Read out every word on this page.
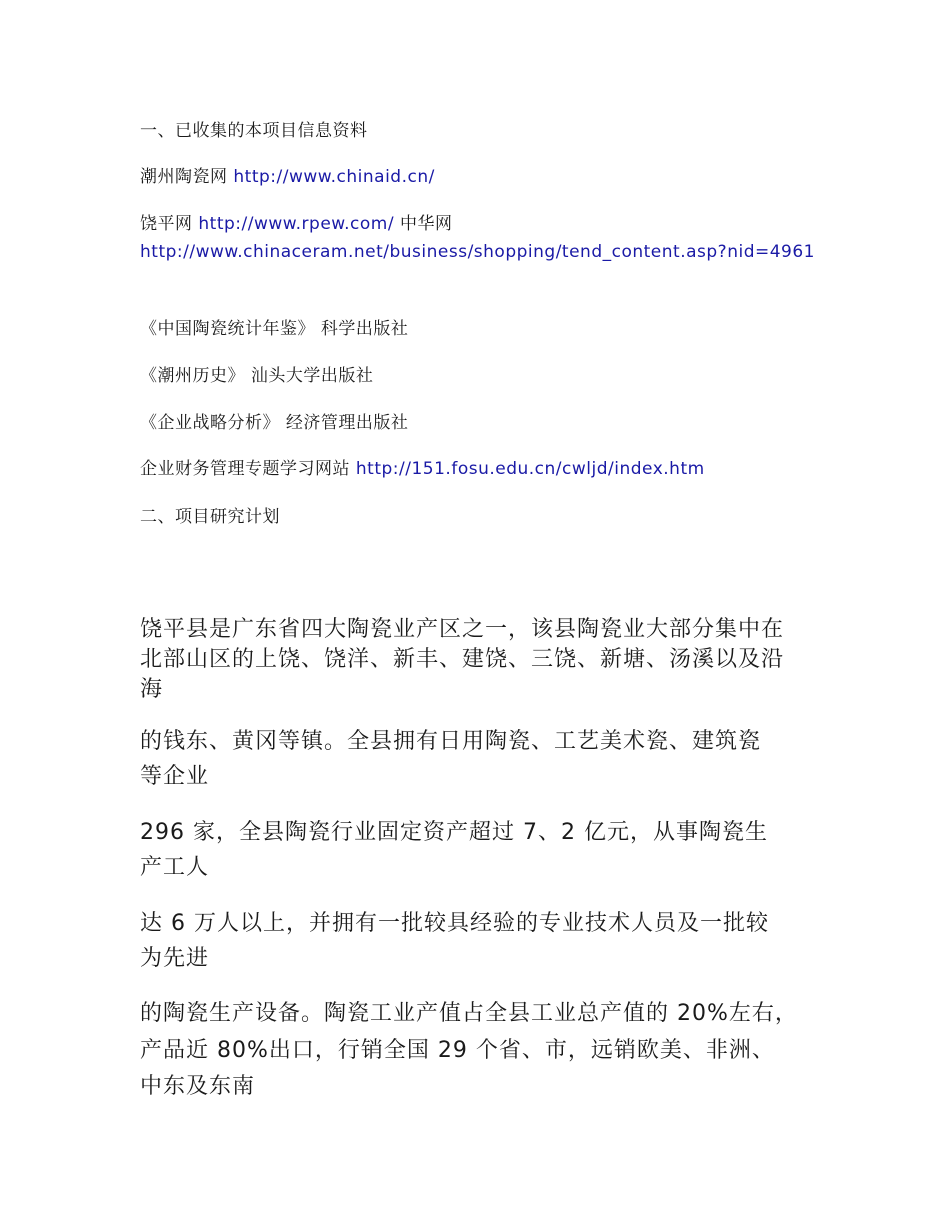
一、已收集的本项目信息资料

潮州陶瓷网 http://www.chinaid.cn/

饶平网 http://www.rpew.com/ 中华网

http://www.chinaceram.net/business/shopping/tend_content.asp?nid=4961

《中国陶瓷统计年鉴》 科学出版社

《潮州历史》 汕头大学出版社

《企业战略分析》 经济管理出版社

企业财务管理专题学习网站 http://151.fosu.edu.cn/cwljd/index.htm

二、项目研究计划

饶平县是广东省四大陶瓷业产区之一，该县陶瓷业大部分集中在

北部山区的上饶、饶洋、新丰、建饶、三饶、新塘、汤溪以及沿

海

的钱东、黄冈等镇。全县拥有日用陶瓷、工艺美术瓷、建筑瓷

等企业

296 家，全县陶瓷行业固定资产超过 7、2 亿元，从事陶瓷生

产工人

达 6 万人以上，并拥有一批较具经验的专业技术人员及一批较

为先进

的陶瓷生产设备。陶瓷工业产值占全县工业总产值的 20%左右，

产品近 80%出口，行销全国 29 个省、市，远销欧美、非洲、

中东及东南
